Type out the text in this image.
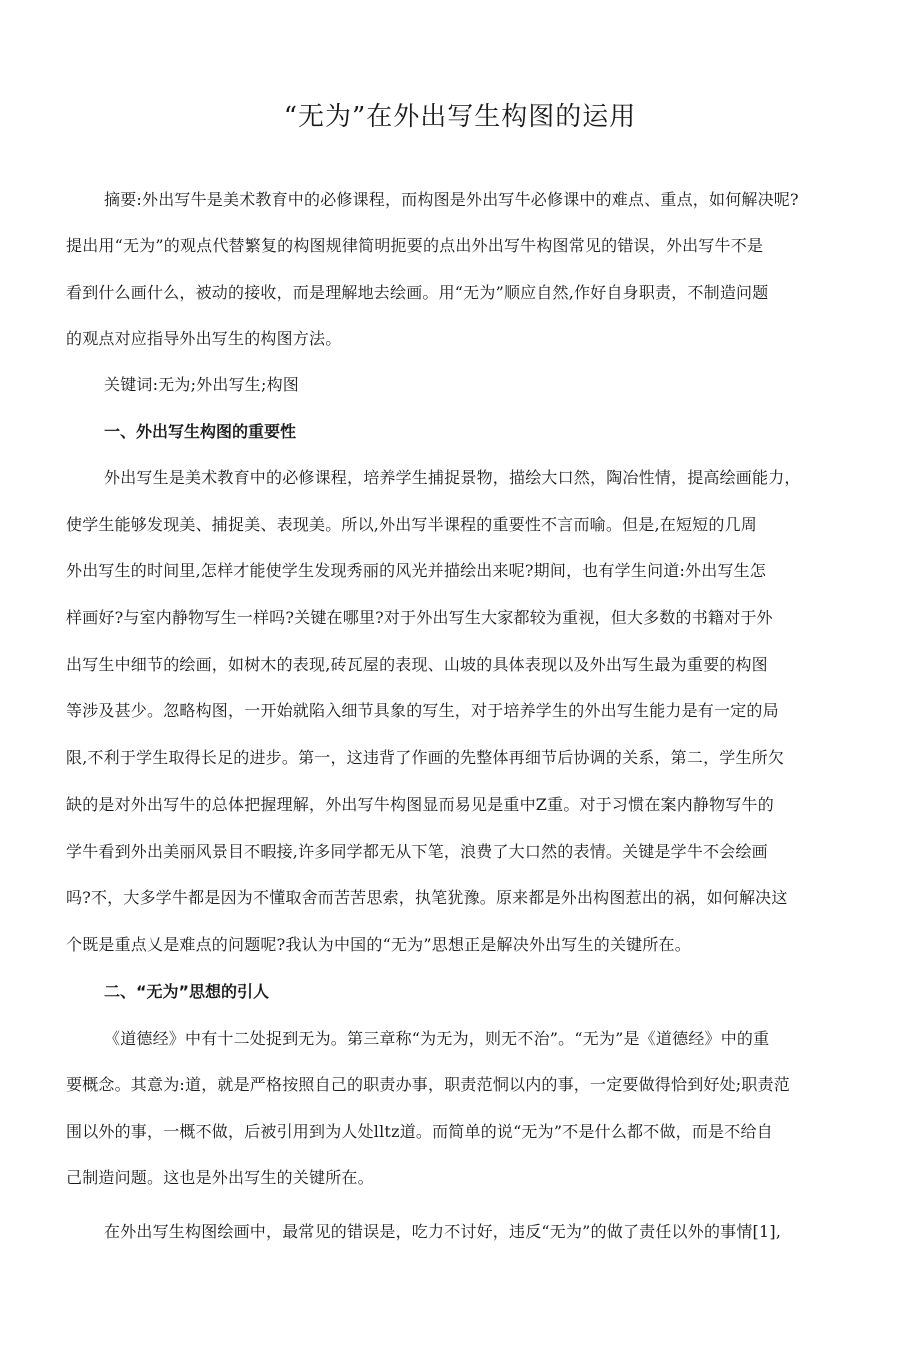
“无为”在外出写生构图的运用
摘要:外出写牛是美术教育中的必修课程，而构图是外出写牛必修课中的难点、重点，如何解决呢?
提出用“无为”的观点代替繁复的构图规律简明扼要的点出外出写牛构图常见的错误，外出写牛不是
看到什么画什么，被动的接收，而是理解地去绘画。用“无为”顺应自然,作好自身职责，不制造问题
的观点对应指导外出写生的构图方法。
关键词:无为;外出写生;构图
一、外出写生构图的重要性
外出写生是美术教育中的必修课程，培养学生捕捉景物，描绘大口然，陶冶性情，提高绘画能力，
使学生能够发现美、捕捉美、表现美。所以,外出写半课程的重要性不言而喻。但是,在短短的几周
外出写生的时间里,怎样才能使学生发现秀丽的风光并描绘出来呢?期间，也有学生问道:外出写生怎
样画好?与室内静物写生一样吗?关键在哪里?对于外出写生大家都较为重视，但大多数的书籍对于外
出写生中细节的绘画，如树木的表现,砖瓦屋的表现、山坡的具体表现以及外出写生最为重要的构图
等涉及甚少。忽略构图，一开始就陷入细节具象的写生，对于培养学生的外出写生能力是有一定的局
限,不利于学生取得长足的进步。第一，这违背了作画的先整体再细节后协调的关系，第二，学生所欠
缺的是对外出写牛的总体把握理解，外出写牛构图显而易见是重中Z重。对于习惯在案内静物写牛的
学牛看到外出美丽风景目不暇接,许多同学都无从下笔，浪费了大口然的表情。关键是学牛不会绘画
吗?不，大多学牛都是因为不懂取舍而苦苦思索，执笔犹豫。原来都是外出构图惹出的祸，如何解决这
个既是重点乂是难点的问题呢?我认为中国的“无为”思想正是解决外出写生的关键所在。
二、“无为”思想的引人
《道德经》中有十二处捉到无为。第三章称“为无为，则无不治”。“无为”是《道德经》中的重
要概念。其意为:道，就是严格按照自己的职责办事，职责范恫以内的事，一定要做得恰到好处;职责范
围以外的事，一概不做，后被引用到为人处lltz道。而简单的说“无为”不是什么都不做，而是不给自
己制造问题。这也是外出写生的关键所在。
在外出写生构图绘画中，最常见的错误是，吃力不讨好，违反“无为”的做了责任以外的事情[1],
